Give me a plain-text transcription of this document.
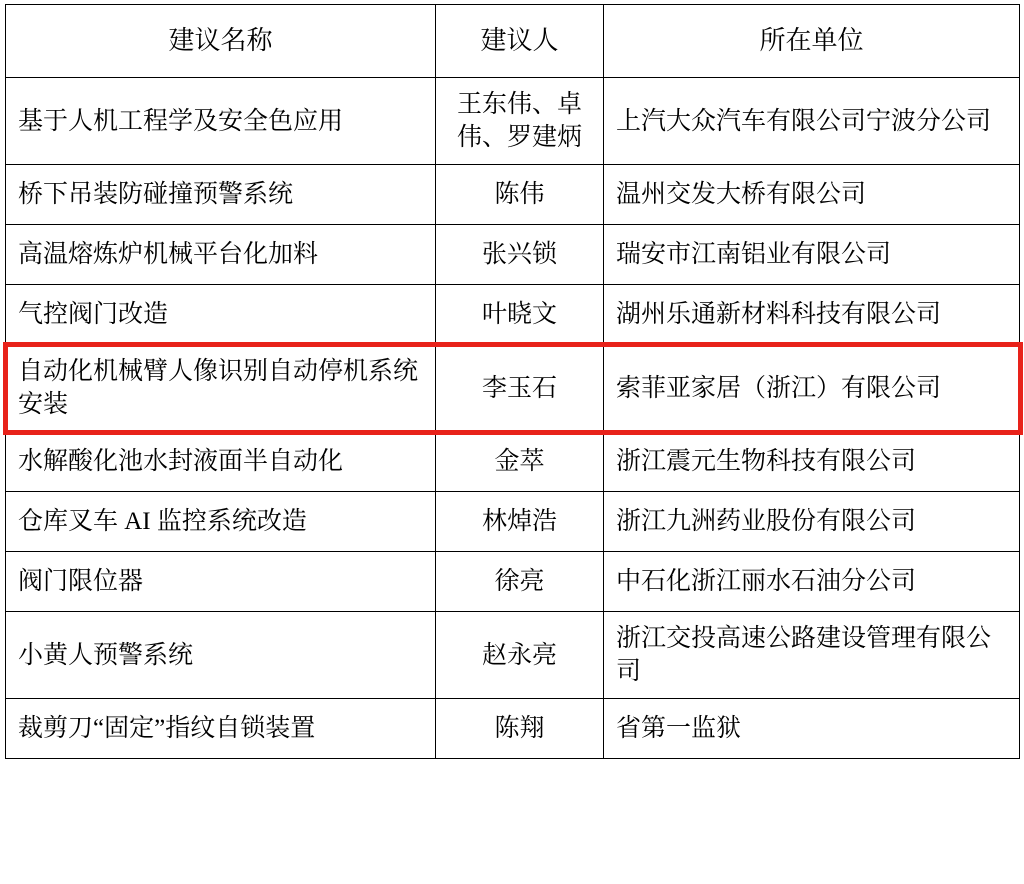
建议名称	建议人	所在单位
基于人机工程学及安全色应用	王东伟、卓伟、罗建炳	上汽大众汽车有限公司宁波分公司
桥下吊装防碰撞预警系统	陈伟	温州交发大桥有限公司
高温熔炼炉机械平台化加料	张兴锁	瑞安市江南铝业有限公司
气控阀门改造	叶晓文	湖州乐通新材料科技有限公司
自动化机械臂人像识别自动停机系统安装	李玉石	索菲亚家居（浙江）有限公司
水解酸化池水封液面半自动化	金萃	浙江震元生物科技有限公司
仓库叉车 AI 监控系统改造	林焯浩	浙江九洲药业股份有限公司
阀门限位器	徐亮	中石化浙江丽水石油分公司
小黄人预警系统	赵永亮	浙江交投高速公路建设管理有限公司
裁剪刀“固定”指纹自锁装置	陈翔	省第一监狱
